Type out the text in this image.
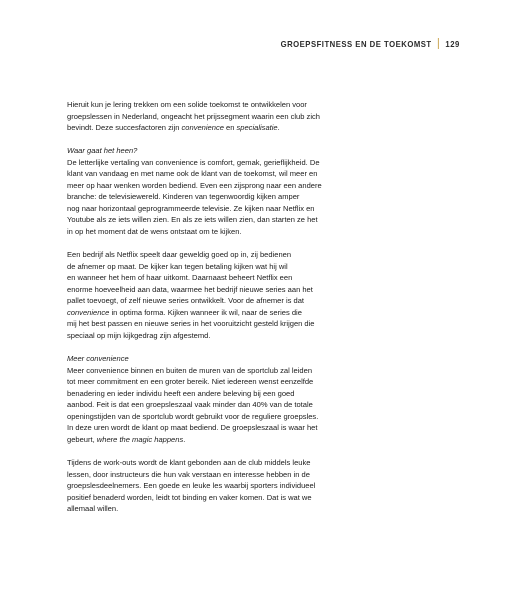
GROEPSFITNESS EN DE TOEKOMST 129

Hieruit kun je lering trekken om een solide toekomst te ontwikkelen voor
groepslessen in Nederland, ongeacht het prijssegment waarin een club zich
bevindt. Deze succesfactoren zijn convenience en specialisatie.

Waar gaat het heen?
De letterlijke vertaling van convenience is comfort, gemak, gerieflijkheid. De
klant van vandaag en met name ook de klant van de toekomst, wil meer en
meer op haar wenken worden bediend. Even een zijsprong naar een andere
branche: de televisiewereld. Kinderen van tegenwoordig kijken amper
nog naar horizontaal geprogrammeerde televisie. Ze kijken naar Netflix en
Youtube als ze iets willen zien. En als ze iets willen zien, dan starten ze het
in op het moment dat de wens ontstaat om te kijken.

Een bedrijf als Netflix speelt daar geweldig goed op in, zij bedienen
de afnemer op maat. De kijker kan tegen betaling kijken wat hij wil
en wanneer het hem of haar uitkomt. Daarnaast beheert Netflix een
enorme hoeveelheid aan data, waarmee het bedrijf nieuwe series aan het
pallet toevoegt, of zelf nieuwe series ontwikkelt. Voor de afnemer is dat
convenience in optima forma. Kijken wanneer ik wil, naar de series die
mij het best passen en nieuwe series in het vooruitzicht gesteld krijgen die
speciaal op mijn kijkgedrag zijn afgestemd.

Meer convenience
Meer convenience binnen en buiten de muren van de sportclub zal leiden
tot meer commitment en een groter bereik. Niet iedereen wenst eenzelfde
benadering en ieder individu heeft een andere beleving bij een goed
aanbod. Feit is dat een groepsleszaal vaak minder dan 40% van de totale
openingstijden van de sportclub wordt gebruikt voor de reguliere groepsles.
In deze uren wordt de klant op maat bediend. De groepsleszaal is waar het
gebeurt, where the magic happens.

Tijdens de work-outs wordt de klant gebonden aan de club middels leuke
lessen, door instructeurs die hun vak verstaan en interesse hebben in de
groepslesdeelnemers. Een goede en leuke les waarbij sporters individueel
positief benaderd worden, leidt tot binding en vaker komen. Dat is wat we
allemaal willen.
